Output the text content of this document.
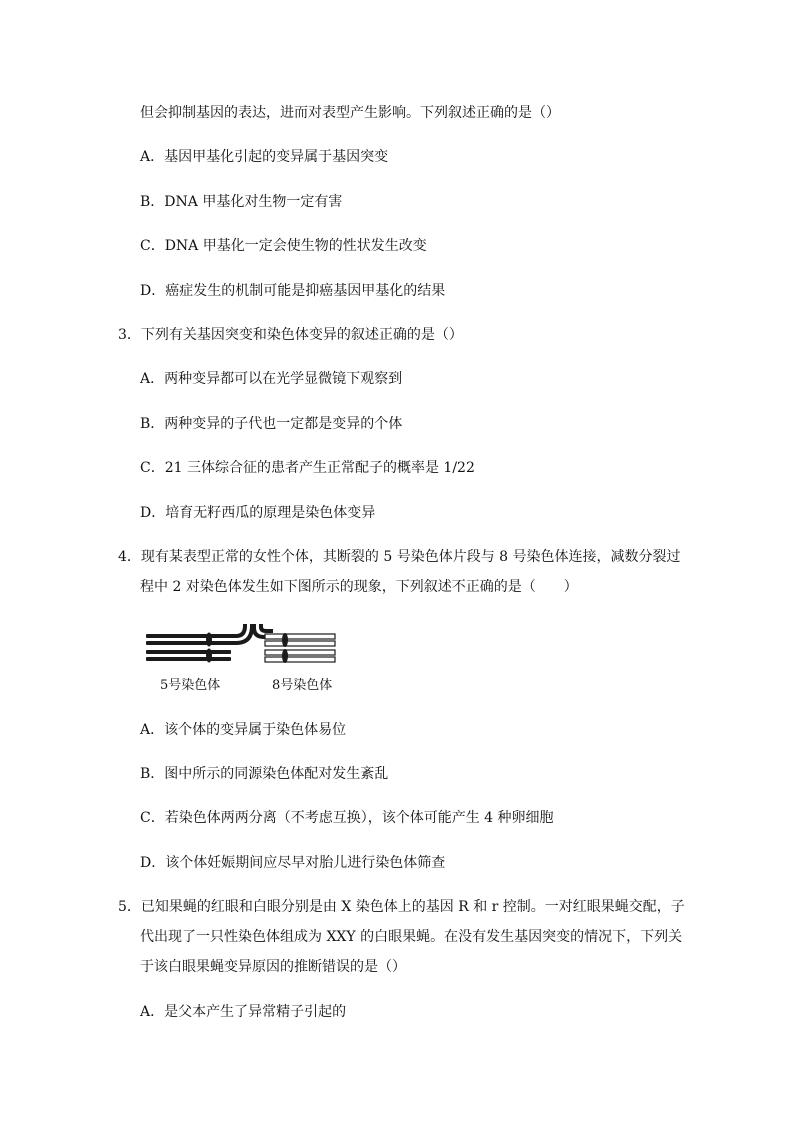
但会抑制基因的表达，进而对表型产生影响。下列叙述正确的是（）
A．基因甲基化引起的变异属于基因突变
B．DNA 甲基化对生物一定有害
C．DNA 甲基化一定会使生物的性状发生改变
D．癌症发生的机制可能是抑癌基因甲基化的结果
3．下列有关基因突变和染色体变异的叙述正确的是（）
A．两种变异都可以在光学显微镜下观察到
B．两种变异的子代也一定都是变异的个体
C．21 三体综合征的患者产生正常配子的概率是 1/22
D．培育无籽西瓜的原理是染色体变异
4．现有某表型正常的女性个体，其断裂的 5 号染色体片段与 8 号染色体连接，减数分裂过
程中 2 对染色体发生如下图所示的现象，下列叙述不正确的是（　　）
5号染色体	8号染色体
A．该个体的变异属于染色体易位
B．图中所示的同源染色体配对发生紊乱
C．若染色体两两分离（不考虑互换），该个体可能产生 4 种卵细胞
D．该个体妊娠期间应尽早对胎儿进行染色体筛查
5．已知果蝇的红眼和白眼分别是由 X 染色体上的基因 R 和 r 控制。一对红眼果蝇交配，子
代出现了一只性染色体组成为 XXY 的白眼果蝇。在没有发生基因突变的情况下，下列关
于该白眼果蝇变异原因的推断错误的是（）
A．是父本产生了异常精子引起的
